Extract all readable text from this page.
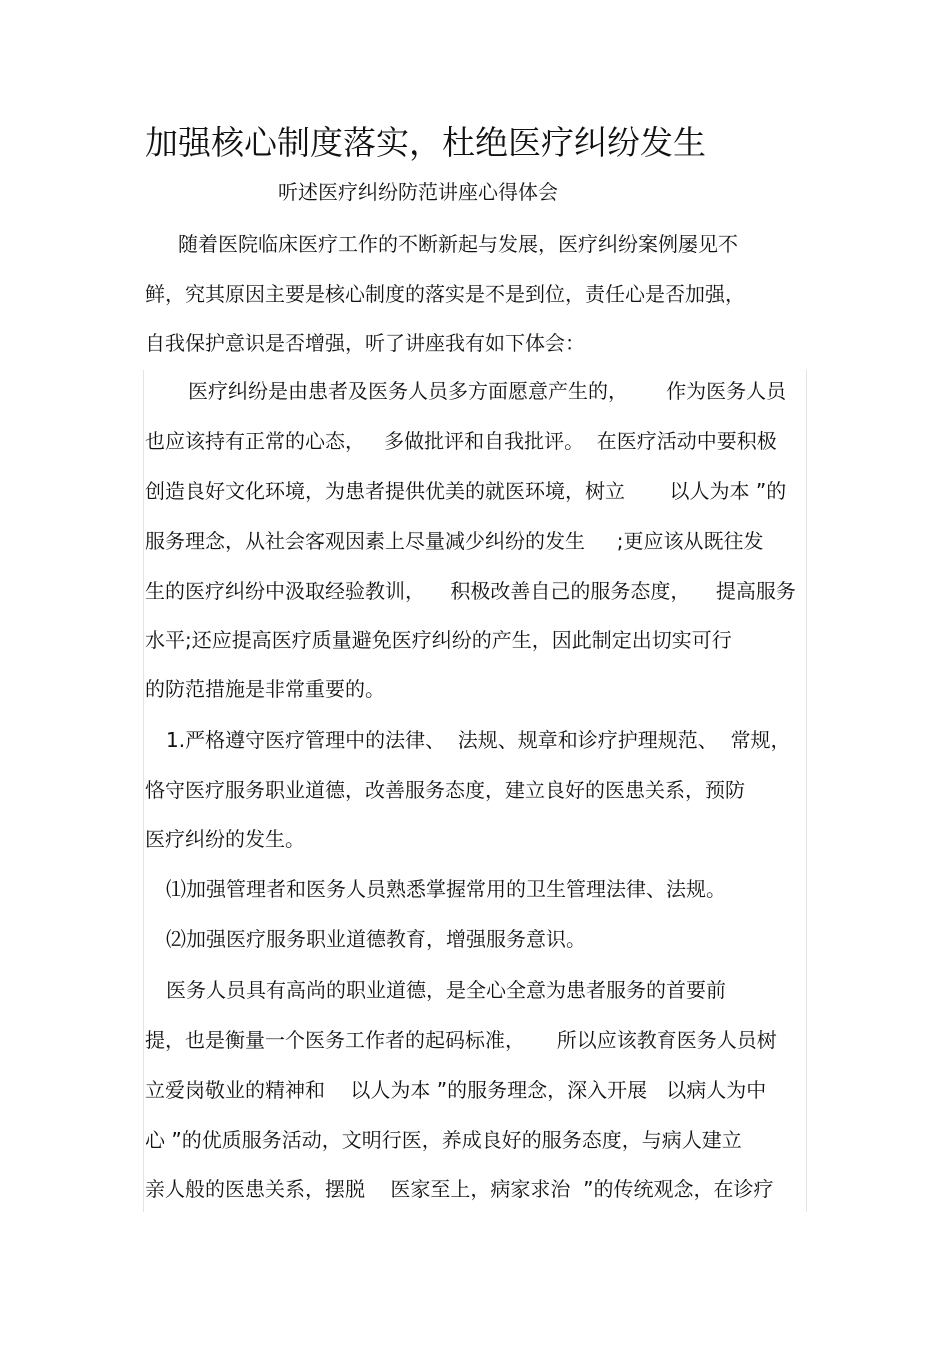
加强核心制度落实，杜绝医疗纠纷发生
听述医疗纠纷防范讲座心得体会
随着医院临床医疗工作的不断新起与发展，医疗纠纷案例屡见不
鲜，究其原因主要是核心制度的落实是不是到位，责任心是否加强，
自我保护意识是否增强，听了讲座我有如下体会：
医疗纠纷是由患者及医务人员多方面愿意产生的，      作为医务人员
也应该持有正常的心态，   多做批评和自我批评。  在医疗活动中要积极
创造良好文化环境，为患者提供优美的就医环境，树立       以人为本 ”的
服务理念，从社会客观因素上尽量减少纠纷的发生     ;更应该从既往发
生的医疗纠纷中汲取经验教训，    积极改善自己的服务态度，    提高服务
水平;还应提高医疗质量避免医疗纠纷的产生，因此制定出切实可行
的防范措施是非常重要的。
1.严格遵守医疗管理中的法律、  法规、规章和诊疗护理规范、  常规，
恪守医疗服务职业道德，改善服务态度，建立良好的医患关系，预防
医疗纠纷的发生。
⑴加强管理者和医务人员熟悉掌握常用的卫生管理法律、法规。
⑵加强医疗服务职业道德教育，增强服务意识。
医务人员具有高尚的职业道德，是全心全意为患者服务的首要前
提，也是衡量一个医务工作者的起码标准，     所以应该教育医务人员树
立爱岗敬业的精神和    以人为本 ”的服务理念，深入开展   以病人为中
心 ”的优质服务活动，文明行医，养成良好的服务态度，与病人建立
亲人般的医患关系，摆脱    医家至上，病家求治  ”的传统观念，在诊疗
